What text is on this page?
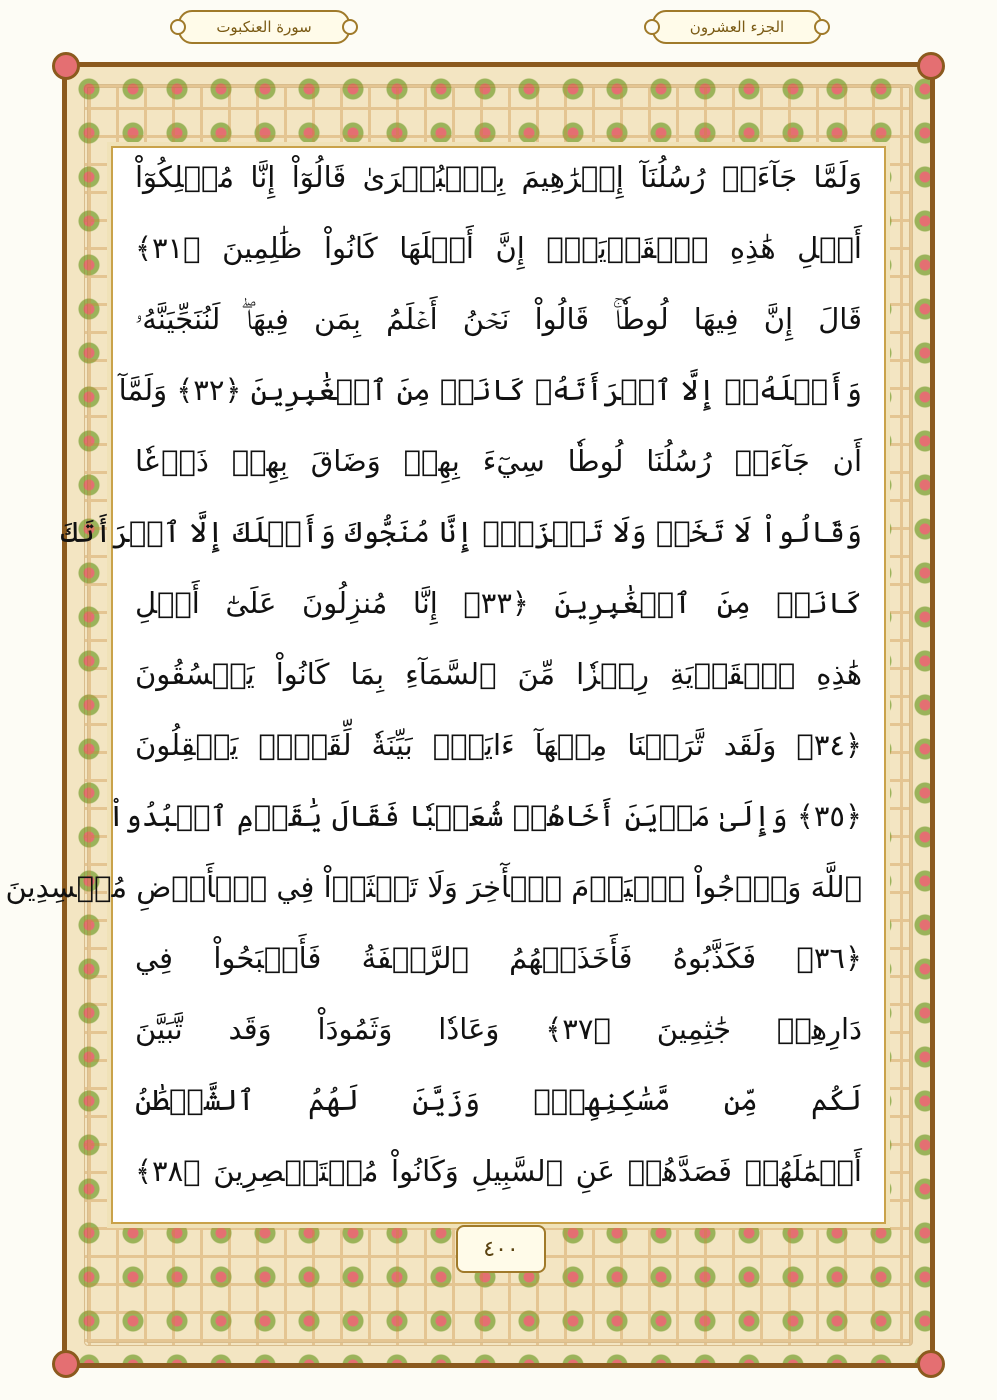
سورة العنكبوت	الجزء العشرون
وَلَمَّا جَآءَتۡ رُسُلُنَآ إِبۡرَٰهِيمَ بِٱلۡبُشۡرَىٰ قَالُوٓاْ إِنَّا مُهۡلِكُوٓاْ
أَهۡلِ هَٰذِهِ ٱلۡقَرۡيَةِۖ إِنَّ أَهۡلَهَا كَانُواْ ظَٰلِمِينَ ﴿٣١﴾
قَالَ إِنَّ فِيهَا لُوطٗاۚ قَالُواْ نَحۡنُ أَعۡلَمُ بِمَن فِيهَاۖ لَنُنَجِّيَنَّهُۥ
وَأَهۡلَهُۥٓ إِلَّا ٱمۡرَأَتَهُۥ كَانَتۡ مِنَ ٱلۡغَٰبِرِينَ ﴿٣٢﴾ وَلَمَّآ
أَن جَآءَتۡ رُسُلُنَا لُوطٗا سِيٓءَ بِهِمۡ وَضَاقَ بِهِمۡ ذَرۡعٗا
وَقَالُواْ لَا تَخَفۡ وَلَا تَحۡزَنۡۖ إِنَّا مُنَجُّوكَ وَأَهۡلَكَ إِلَّا ٱمۡرَأَتَكَ
كَانَتۡ مِنَ ٱلۡغَٰبِرِينَ ﴿٣٣﴾ إِنَّا مُنزِلُونَ عَلَىٰٓ أَهۡلِ
هَٰذِهِ ٱلۡقَرۡيَةِ رِجۡزٗا مِّنَ ٱلسَّمَآءِ بِمَا كَانُواْ يَفۡسُقُونَ
﴿٣٤﴾ وَلَقَد تَّرَكۡنَا مِنۡهَآ ءَايَةَۢ بَيِّنَةٗ لِّقَوۡمٖ يَعۡقِلُونَ
﴿٣٥﴾ وَإِلَىٰ مَدۡيَنَ أَخَاهُمۡ شُعَيۡبٗا فَقَالَ يَٰقَوۡمِ ٱعۡبُدُواْ
ٱللَّهَ وَٱرۡجُواْ ٱلۡيَوۡمَ ٱلۡأٓخِرَ وَلَا تَعۡثَوۡاْ فِي ٱلۡأَرۡضِ مُفۡسِدِينَ
﴿٣٦﴾ فَكَذَّبُوهُ فَأَخَذَتۡهُمُ ٱلرَّجۡفَةُ فَأَصۡبَحُواْ فِي
دَارِهِمۡ جَٰثِمِينَ ﴿٣٧﴾ وَعَادٗا وَثَمُودَاْ وَقَد تَّبَيَّنَ
لَكُم مِّن مَّسَٰكِنِهِمۡۖ وَزَيَّنَ لَهُمُ ٱلشَّيۡطَٰنُ
أَعۡمَٰلَهُمۡ فَصَدَّهُمۡ عَنِ ٱلسَّبِيلِ وَكَانُواْ مُسۡتَبۡصِرِينَ ﴿٣٨﴾
٤٠٠
